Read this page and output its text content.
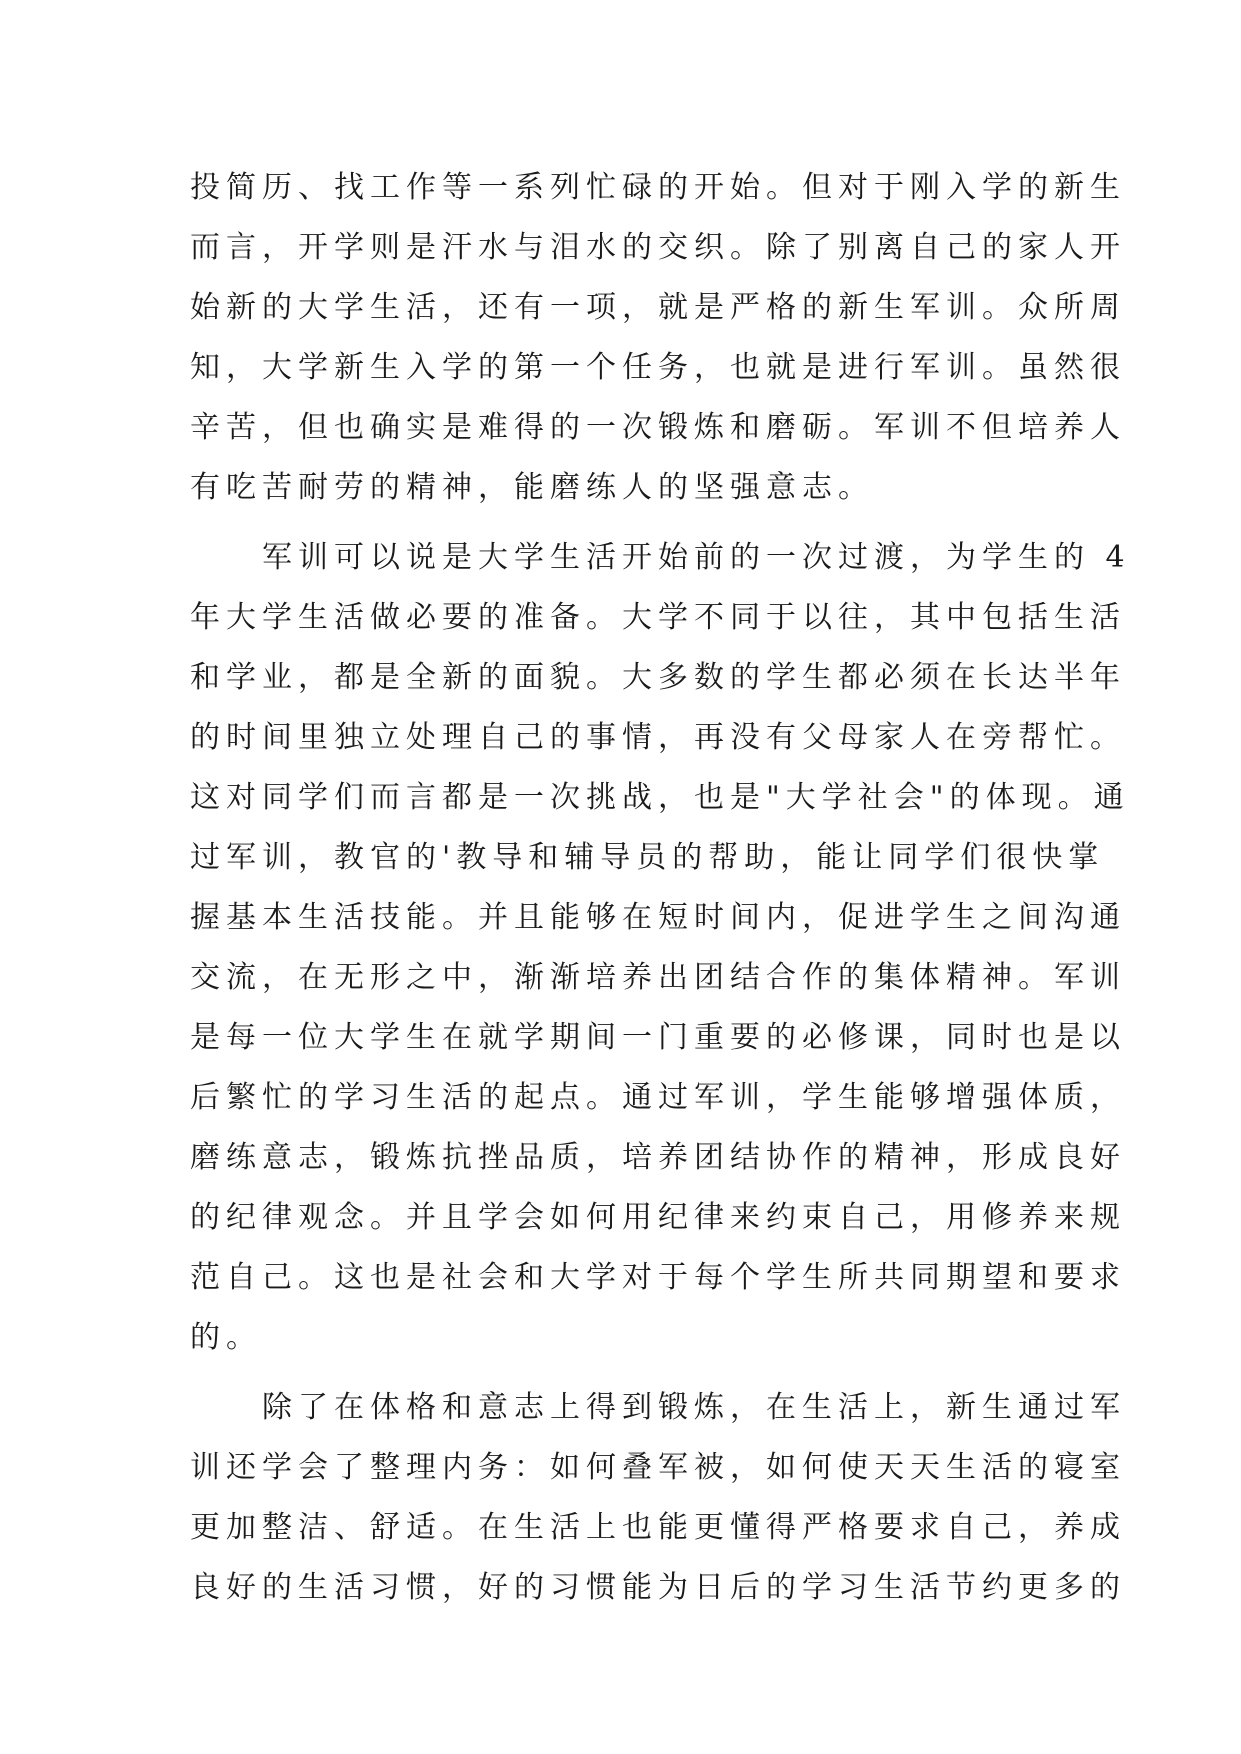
投简历、找工作等一系列忙碌的开始。但对于刚入学的新生
而言，开学则是汗水与泪水的交织。除了别离自己的家人开
始新的大学生活，还有一项，就是严格的新生军训。众所周
知，大学新生入学的第一个任务，也就是进行军训。虽然很
辛苦，但也确实是难得的一次锻炼和磨砺。军训不但培养人
有吃苦耐劳的精神，能磨练人的坚强意志。
军训可以说是大学生活开始前的一次过渡，为学生的 4
年大学生活做必要的准备。大学不同于以往，其中包括生活
和学业，都是全新的面貌。大多数的学生都必须在长达半年
的时间里独立处理自己的事情，再没有父母家人在旁帮忙。
这对同学们而言都是一次挑战，也是"大学社会"的体现。通
过军训，教官的'教导和辅导员的帮助，能让同学们很快掌
握基本生活技能。并且能够在短时间内，促进学生之间沟通
交流，在无形之中，渐渐培养出团结合作的集体精神。军训
是每一位大学生在就学期间一门重要的必修课，同时也是以
后繁忙的学习生活的起点。通过军训，学生能够增强体质，
磨练意志，锻炼抗挫品质，培养团结协作的精神，形成良好
的纪律观念。并且学会如何用纪律来约束自己，用修养来规
范自己。这也是社会和大学对于每个学生所共同期望和要求
的。
除了在体格和意志上得到锻炼，在生活上，新生通过军
训还学会了整理内务：如何叠军被，如何使天天生活的寝室
更加整洁、舒适。在生活上也能更懂得严格要求自己，养成
良好的生活习惯，好的习惯能为日后的学习生活节约更多的
